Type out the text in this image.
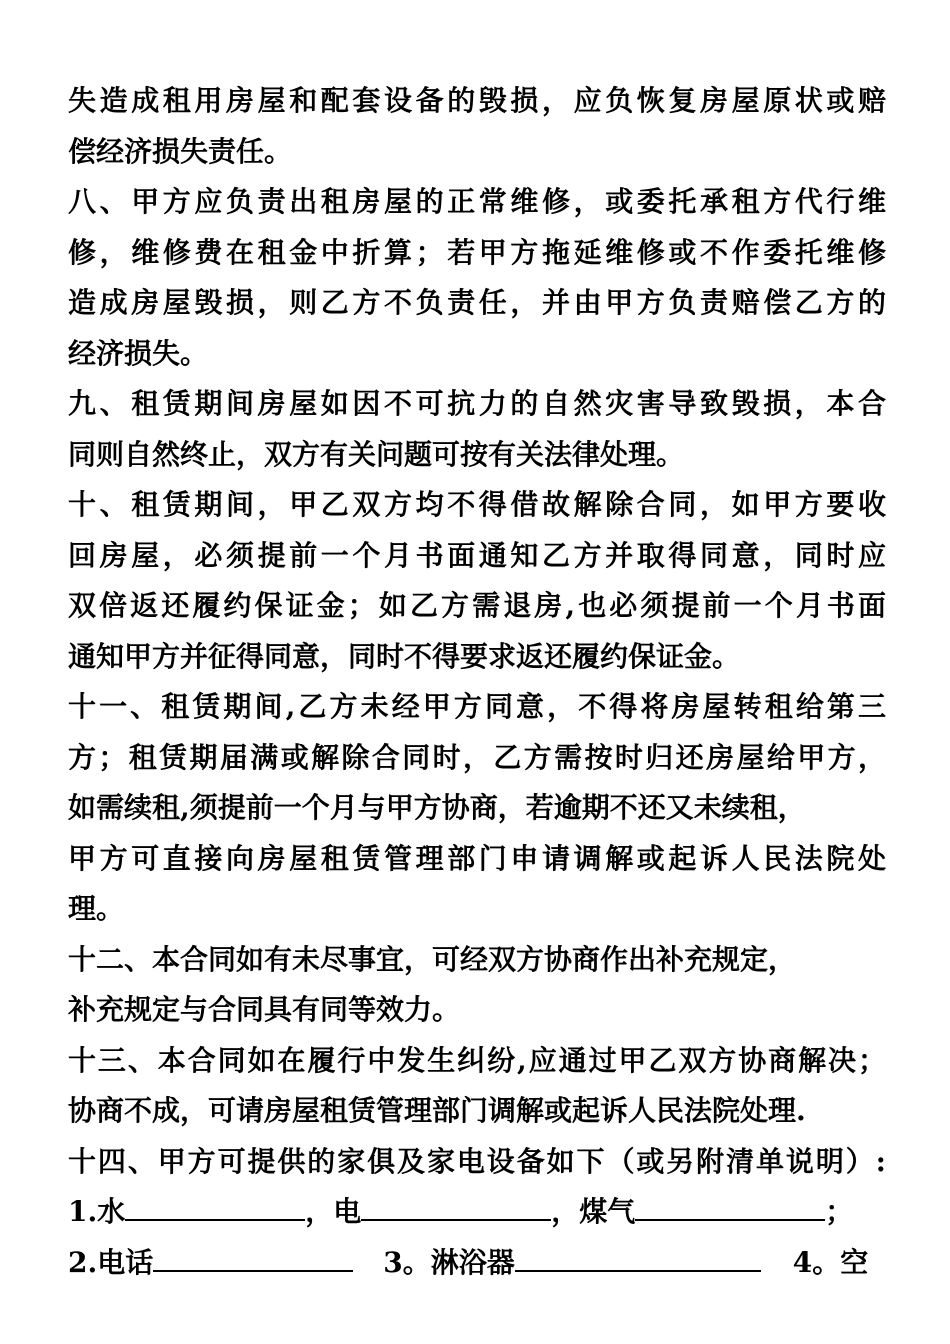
失造成租用房屋和配套设备的毁损，应负恢复房屋原状或赔
偿经济损失责任。
八、甲方应负责出租房屋的正常维修，或委托承租方代行维
修，维修费在租金中折算；若甲方拖延维修或不作委托维修
造成房屋毁损，则乙方不负责任，并由甲方负责赔偿乙方的
经济损失。
九、租赁期间房屋如因不可抗力的自然灾害导致毁损，本合
同则自然终止，双方有关问题可按有关法律处理。
十、租赁期间，甲乙双方均不得借故解除合同，如甲方要收
回房屋，必须提前一个月书面通知乙方并取得同意，同时应
双倍返还履约保证金；如乙方需退房,也必须提前一个月书面
通知甲方并征得同意，同时不得要求返还履约保证金。
十一、租赁期间,乙方未经甲方同意，不得将房屋转租给第三
方；租赁期届满或解除合同时，乙方需按时归还房屋给甲方，
如需续租,须提前一个月与甲方协商，若逾期不还又未续租，
甲方可直接向房屋租赁管理部门申请调解或起诉人民法院处
理。
十二、本合同如有未尽事宜，可经双方协商作出补充规定，
补充规定与合同具有同等效力。
十三、本合同如在履行中发生纠纷,应通过甲乙双方协商解决；
协商不成，可请房屋租赁管理部门调解或起诉人民法院处理.
十四、甲方可提供的家俱及家电设备如下（或另附清单说明）:
1.水	，电	，煤气	；
2.电话	3。淋浴器	4。空
